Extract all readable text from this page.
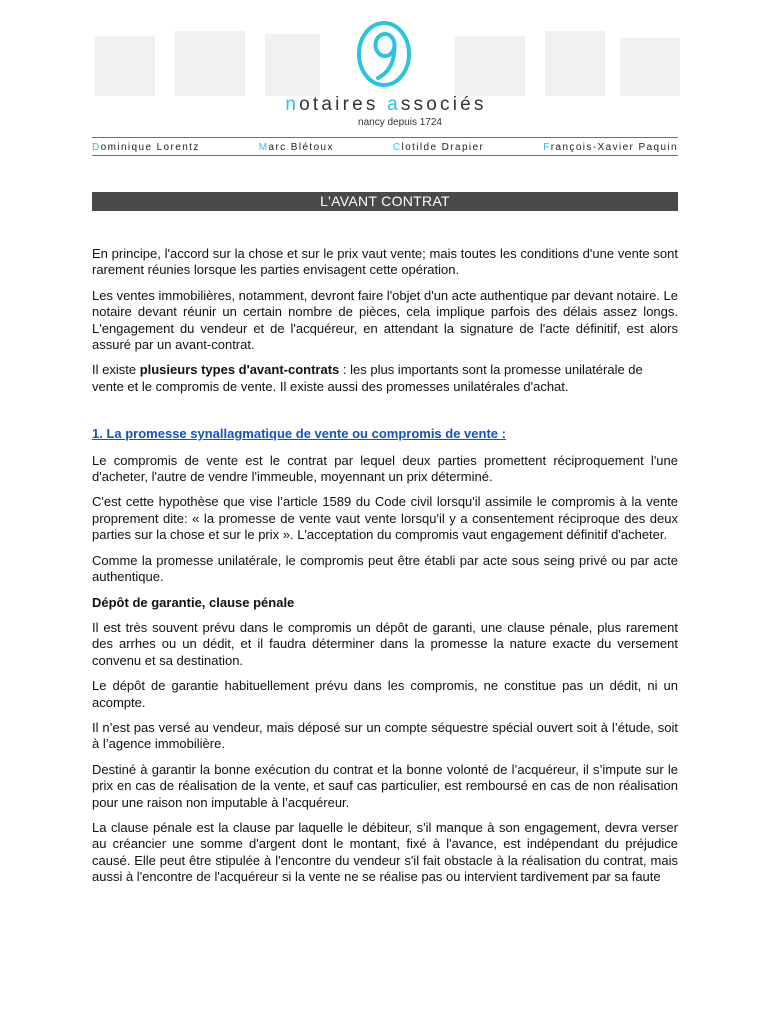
notaires associés
nancy depuis 1724
Dominique Lorentz	Marc Blétoux	Clotilde Drapier	François-Xavier Paquin
L'AVANT CONTRAT

En principe, l'accord sur la chose et sur le prix vaut vente; mais toutes les conditions d'une vente sont rarement réunies lorsque les parties envisagent cette opération.

Les ventes immobilières, notamment, devront faire l'objet d'un acte authentique par devant notaire. Le notaire devant réunir un certain nombre de pièces, cela implique parfois des délais assez longs. L'engagement du vendeur et de l'acquéreur, en attendant la signature de l'acte définitif, est alors assuré par un avant-contrat.

Il existe plusieurs types d'avant-contrats : les plus importants sont la promesse unilatérale de vente et le compromis de vente. Il existe aussi des promesses unilatérales d'achat.

1. La promesse synallagmatique de vente ou compromis de vente :

Le compromis de vente est le contrat par lequel deux parties promettent réciproquement l'une d'acheter, l'autre de vendre l'immeuble, moyennant un prix déterminé.

C'est cette hypothèse que vise l’article 1589 du Code civil lorsqu'il assimile le compromis à la vente proprement dite: « la promesse de vente vaut vente lorsqu'il y a consentement réciproque des deux parties sur la chose et sur le prix ». L'acceptation du compromis vaut engagement définitif d'acheter.

Comme la promesse unilatérale, le compromis peut être établi par acte sous seing privé ou par acte authentique.

Dépôt de garantie, clause pénale

Il est très souvent prévu dans le compromis un dépôt de garanti, une clause pénale, plus rarement des arrhes ou un dédit, et il faudra déterminer dans la promesse la nature exacte du versement convenu et sa destination.

Le dépôt de garantie habituellement prévu dans les compromis, ne constitue pas un dédit, ni un acompte.

Il n’est pas versé au vendeur, mais déposé sur un compte séquestre spécial ouvert soit à l’étude, soit à l’agence immobilière.

Destiné à garantir la bonne exécution du contrat et la bonne volonté de l’acquéreur, il s’impute sur le prix en cas de réalisation de la vente, et sauf cas particulier, est remboursé en cas de non réalisation pour une raison non imputable à l’acquéreur.

La clause pénale est la clause par laquelle le débiteur, s'il manque à son engagement, devra verser au créancier une somme d'argent dont le montant, fixé à l'avance, est indépendant du préjudice causé. Elle peut être stipulée à l'encontre du vendeur s'il fait obstacle à la réalisation du contrat, mais aussi à l'encontre de l'acquéreur si la vente ne se réalise pas ou intervient tardivement par sa faute
